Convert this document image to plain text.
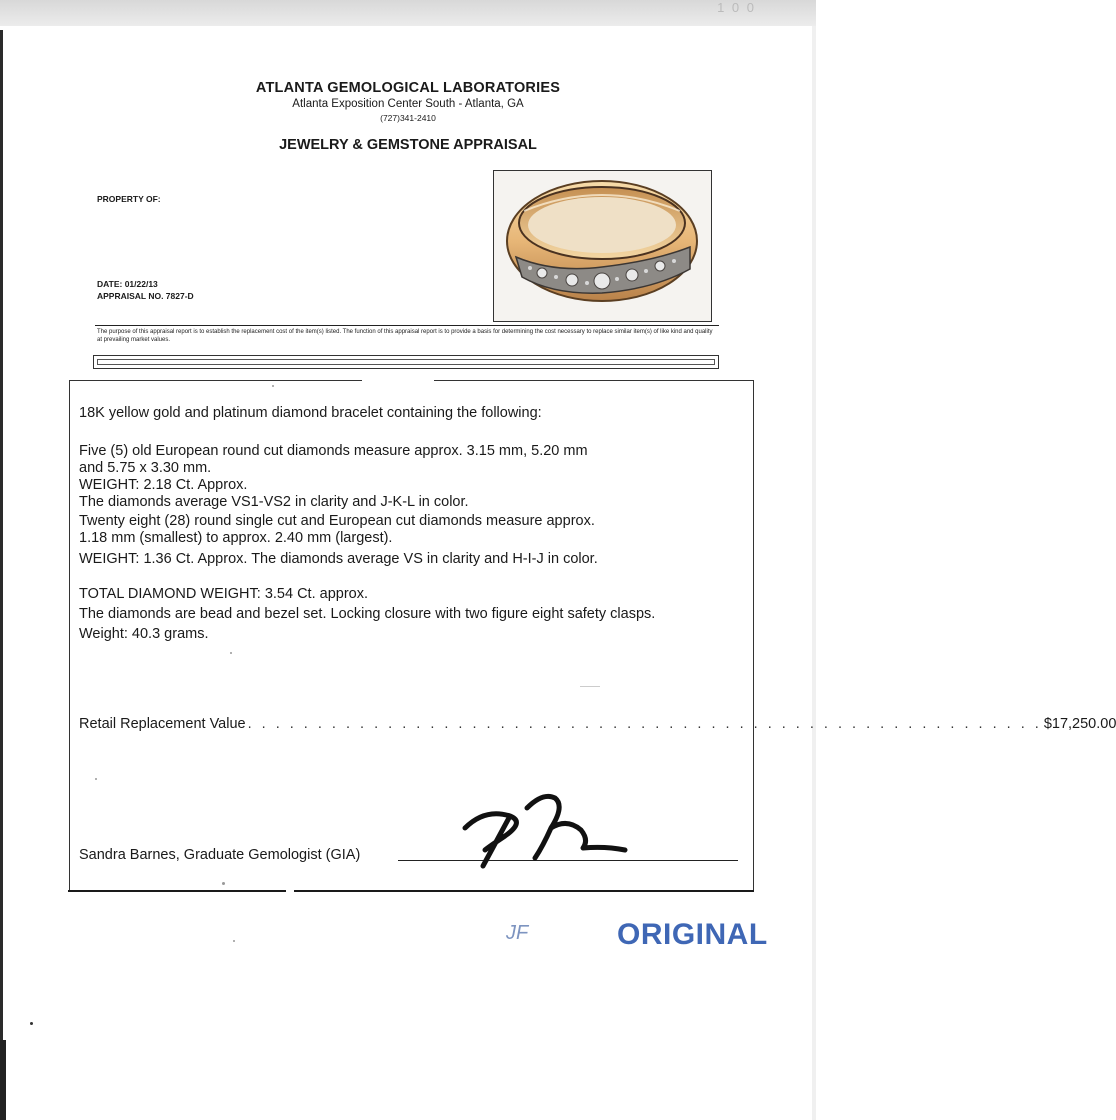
1 0 0
ATLANTA GEMOLOGICAL LABORATORIES
Atlanta Exposition Center South - Atlanta, GA
(727)341-2410
JEWELRY & GEMSTONE APPRAISAL
PROPERTY OF:
DATE: 01/22/13
APPRAISAL NO. 7827-D
The purpose of this appraisal report is to establish the replacement cost of the item(s) listed. The function of this appraisal report is to provide a basis for determining the cost necessary to replace similar item(s) of like kind and quality at prevailing market values.
18K yellow gold and platinum diamond bracelet containing the following:
Five (5) old European round cut diamonds measure approx. 3.15 mm, 5.20 mm
and 5.75 x 3.30 mm.
WEIGHT: 2.18 Ct. Approx.
The diamonds average VS1-VS2 in clarity and J-K-L in color.
Twenty eight (28) round single cut and European cut diamonds measure approx.
1.18 mm (smallest) to approx. 2.40 mm (largest).
WEIGHT: 1.36 Ct. Approx. The diamonds average VS in clarity and H-I-J in color.
TOTAL DIAMOND WEIGHT: 3.54 Ct. approx.
The diamonds are bead and bezel set. Locking closure with two figure eight safety clasps.
Weight: 40.3 grams.
Retail Replacement Value . . . . . . . . . . . . . . . . . . . . . . . . . . . . . . . . . . . . . . . . . . . . . . . . . . . . . . . . . $17,250.00
Sandra Barnes, Graduate Gemologist (GIA)
JF	ORIGINAL
